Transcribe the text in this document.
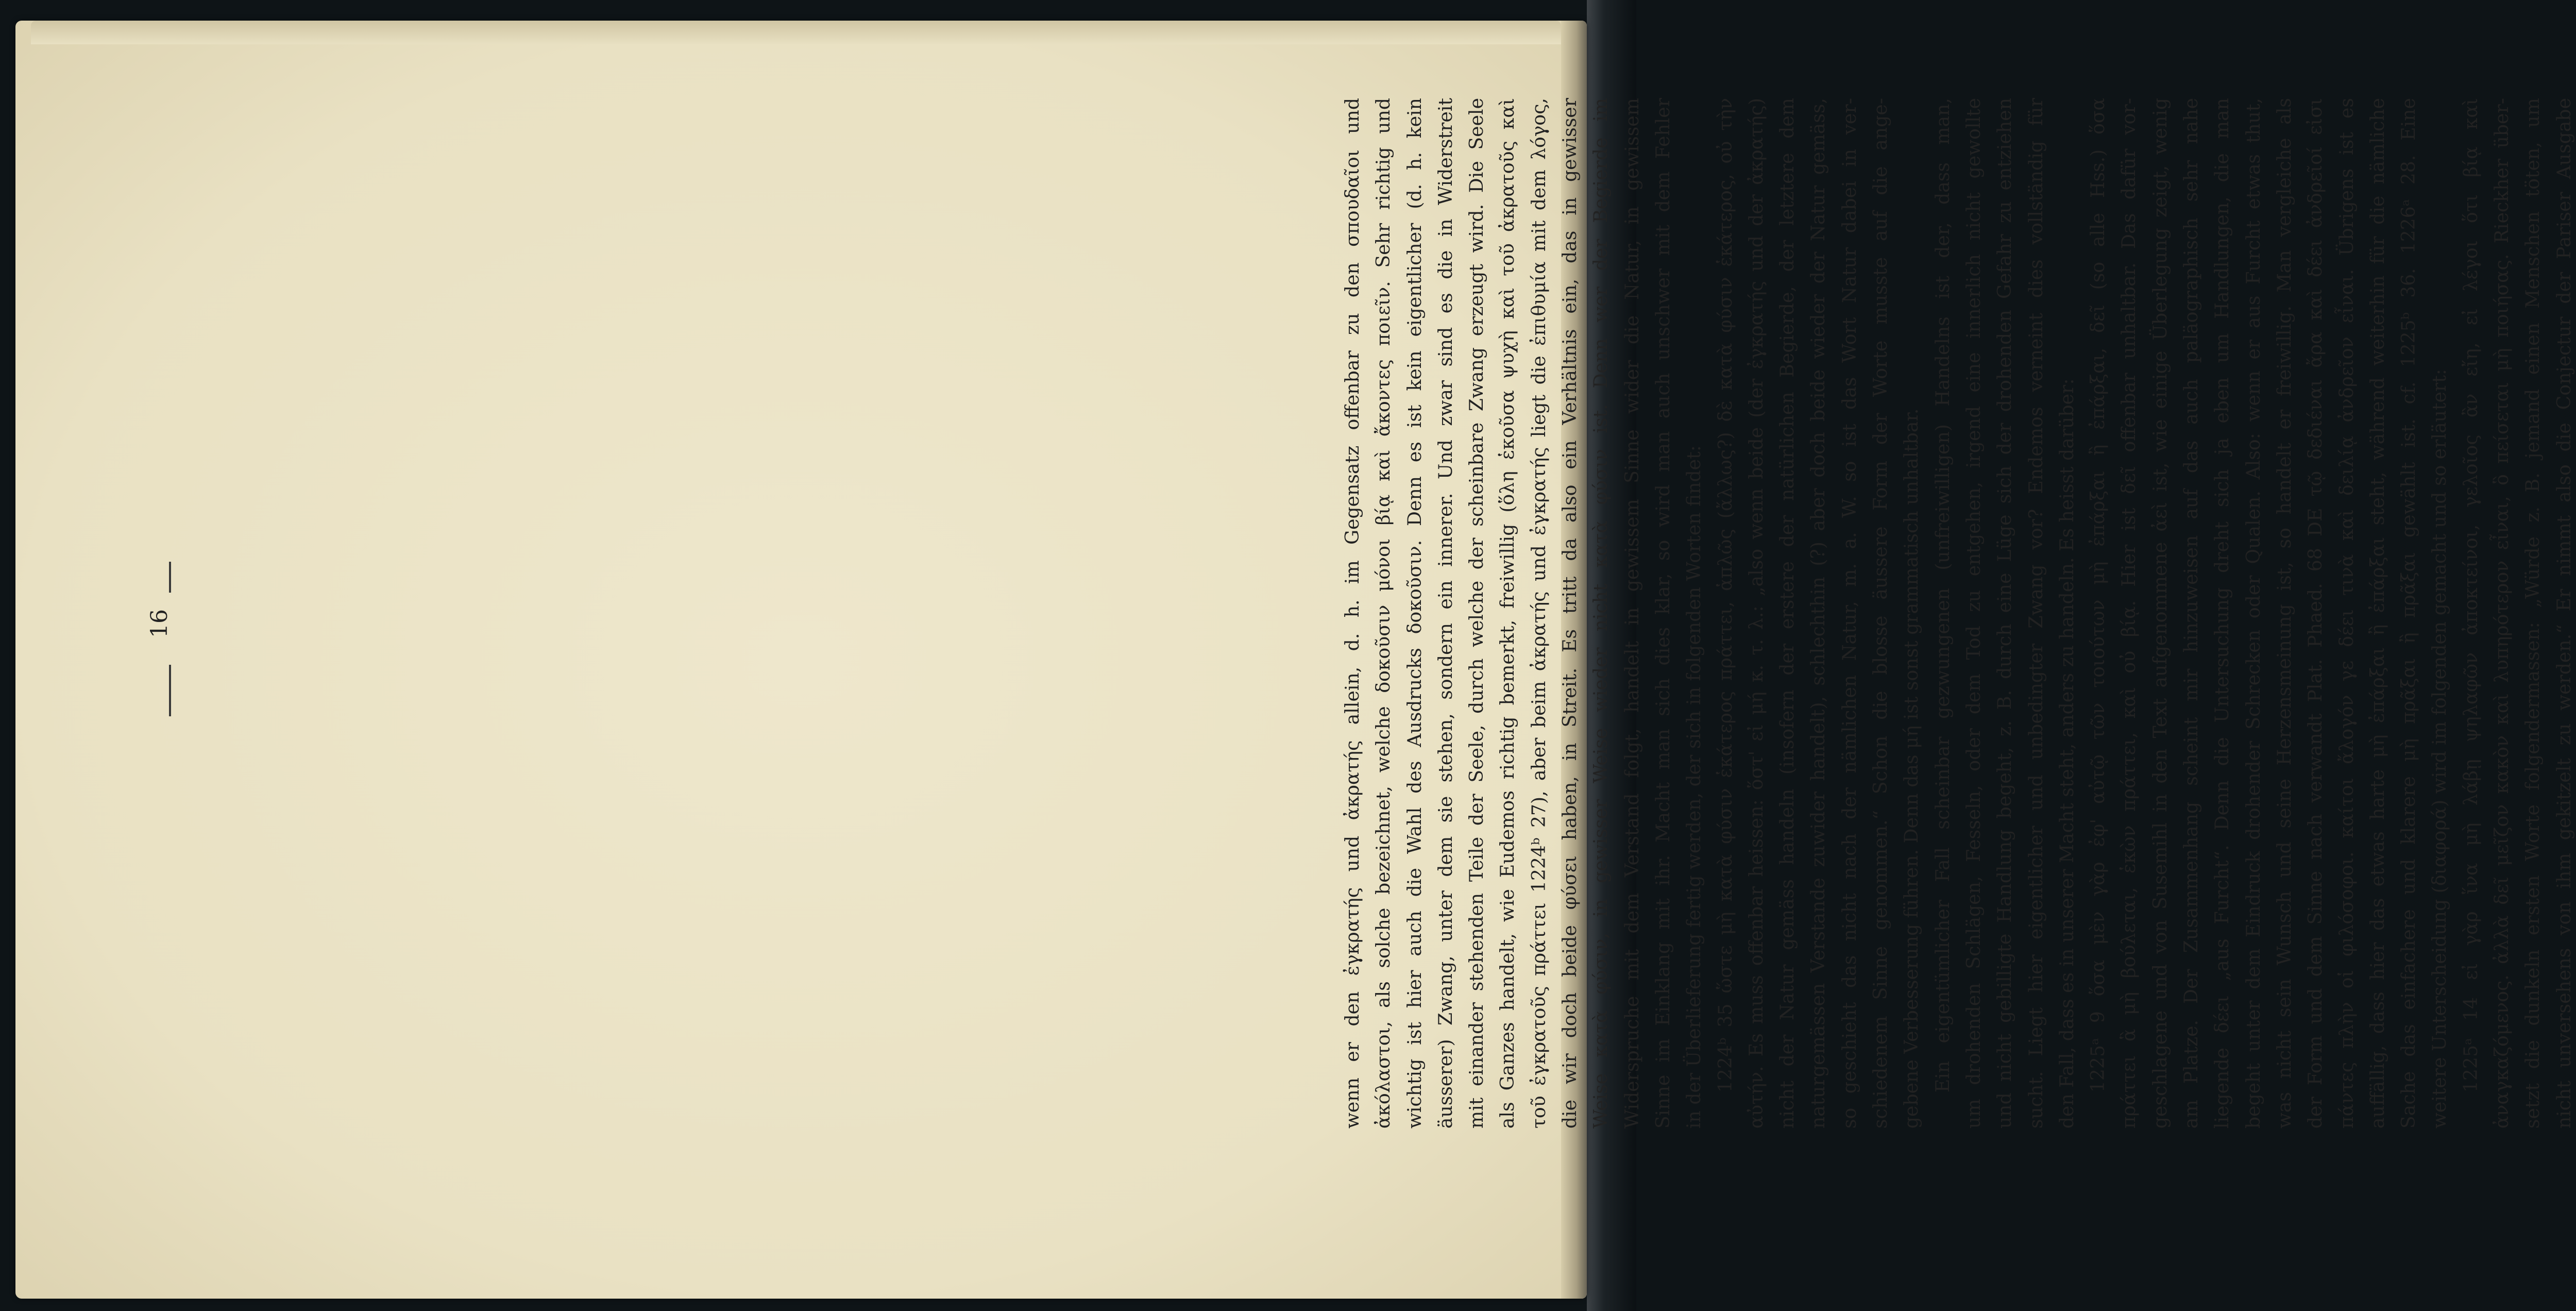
16	wenn er den ἐγκρατής und ἀκρατής allein, d. h. im Gegensatz offenbar zu den σπουδαῖοι und ἀκόλαστοι, als solche bezeichnet, welche δοκοῦσιν μόνοι βίᾳ καὶ ἄκοντες ποιεῖν. Sehr richtig und wichtig ist hier auch die Wahl des Ausdrucks δοκοῦσιν. Denn es ist kein eigentlicher (d. h. kein äusserer) Zwang, unter dem sie stehen, sondern ein innerer. Und zwar sind es die in Widerstreit mit einander stehenden Teile der Seele, durch welche der scheinbare Zwang erzeugt wird. Die Seele als Ganzes handelt, wie Eudemos richtig bemerkt, freiwillig (ὅλη ἑκοῦσα ψυχὴ καὶ τοῦ ἀκρατοῦς καὶ τοῦ ἐγκρατοῦς πράττει 1224ᵇ 27), aber beim ἀκρατής und ἐγκρατής liegt die ἐπιθυμία mit dem λόγος, die wir doch beide φύσει haben, in Streit. Es tritt da also ein Verhältnis ein, das in gewisser Weise κατὰ φύσιν, in gewisser Weise wieder nicht κατὰ φύσιν ist. Denn wer der Begierde im Widerspruche mit dem Verstand folgt, handelt in gewissem Sinne wider die Natur, in gewissem Sinne im Einklang mit ihr. Macht man sich dies klar, so wird man auch unschwer mit dem Fehler in der Überlieferung fertig werden, der sich in folgenden Worten findet: 1224ᵇ 35 ὥστε μὴ κατὰ φύσιν ἑκάτερος πράττει, ἁπλῶς (ἄλλως?) δὲ κατὰ φύσιν ἑκάτερος, οὐ τὴν αὐτήν. Es muss offenbar heissen: ὅστ' εἰ μή κ. τ. λ.: „also wenn beide (der ἐγκρατής und der ἀκρατής) nicht der Natur gemäss handeln (insofern der erstere der natürlichen Begierde, der letztere dem naturgemässen Verstande zuwider handelt), schlechthin (?) aber doch beide wieder der Natur gemäss, so geschieht das nicht nach der nämlichen Natur, m. a. W. so ist das Wort Natur dabei in ver- schiedenem Sinne genommen.“ Schon die blosse äussere Form der Worte musste auf die ange- gebene Verbesserung führen. Denn das μή ist sonst grammatisch unhaltbar. Ein eigentümlicher Fall scheinbar gezwungenen (unfreiwilligen) Handelns ist der, dass man, um drohenden Schlägen, Fesseln, oder dem Tod zu entgehen, irgend eine innerlich nicht gewollte und nicht gebilligte Handlung begeht, z. B. durch eine Lüge sich der drohenden Gefahr zu entziehen sucht. Liegt hier eigentlicher und unbedingter Zwang vor? Endemos verneint dies vollständig für den Fall, dass es in unserer Macht steht, anders zu handeln. Es heisst darüber: 1225ᵃ 9 ὅσα μὲν γὰρ ἐφ' αὐτῷ τῶν τοιούτων μὴ ἐπάρξαι ἢ ἐπάρξαι, δεῖ (so alle Hss.) ὅσα πράττει ἃ μὴ βούλεται, ἑκὼν πράττει, καὶ οὐ βίᾳ. Hier ist δεῖ offenbar unhaltbar. Das dafür vor- geschlagene und von Susemihl in den Text aufgenommene ἀεὶ ist, wie einige Überlegung zeigt, wenig am Platze. Der Zusammenhang scheint mir hinzuweisen auf das auch paläographisch sehr nahe liegende δέει „aus Furcht“. Denn die Untersuchung dreht sich ja eben um Handlungen, die man begeht unter dem Eindruck drohender Schrecken oder Qualen. Also: wenn er aus Furcht etwas thut, was nicht sein Wunsch und seine Herzensmeinung ist, so handelt er freiwillig. Man vergleiche als der Form und dem Sinne nach verwandt Plat. Phaed. 68 DE τῷ δεδιέναι ἄρα καὶ δέει ἀνδρεῖοί εἰσι πάντες πλὴν οἱ φιλόσοφοι. καίτοι ἄλογόν γε δέει τινὰ καὶ δειλίᾳ ἀνδρεῖον εἶναι. Übrigens ist es auffällig, dass hier das etwas harte μὴ ἐπάρξαι ἢ ἐπάρξαι steht, während weiterhin für die nämliche Sache das einfachere und klarere μὴ πρᾶξαι ἢ πρᾶξαι gewählt ist. cf. 1225ᵇ 36. 1226ᵃ 28. Eine weitere Unterscheidung (διαφορά) wird im folgenden gemacht und so erläutert: 1225ᵃ 14 εἰ γὰρ ἵνα μὴ λάβῃ ψηλαφῶν ἀποκτείνοι, γελοῖος ἂν εἴη, εἰ λέγοι ὅτι βίᾳ καὶ ἀναγκαζόμενος. ἀλλὰ δεῖ μεῖζον κακὸν καὶ λυπηρότερον εἶναι, ὃ πείσεται μὴ ποιήσας. Rieckher über- setzt die dunkeln ersten Worte folgendermassen: „Würde z. B. jemand einen Menschen töten, um nicht unversehens von ihm gekitzelt zu werden.“ Er nimmt also die Conjectur der Pariser Ausgabe
